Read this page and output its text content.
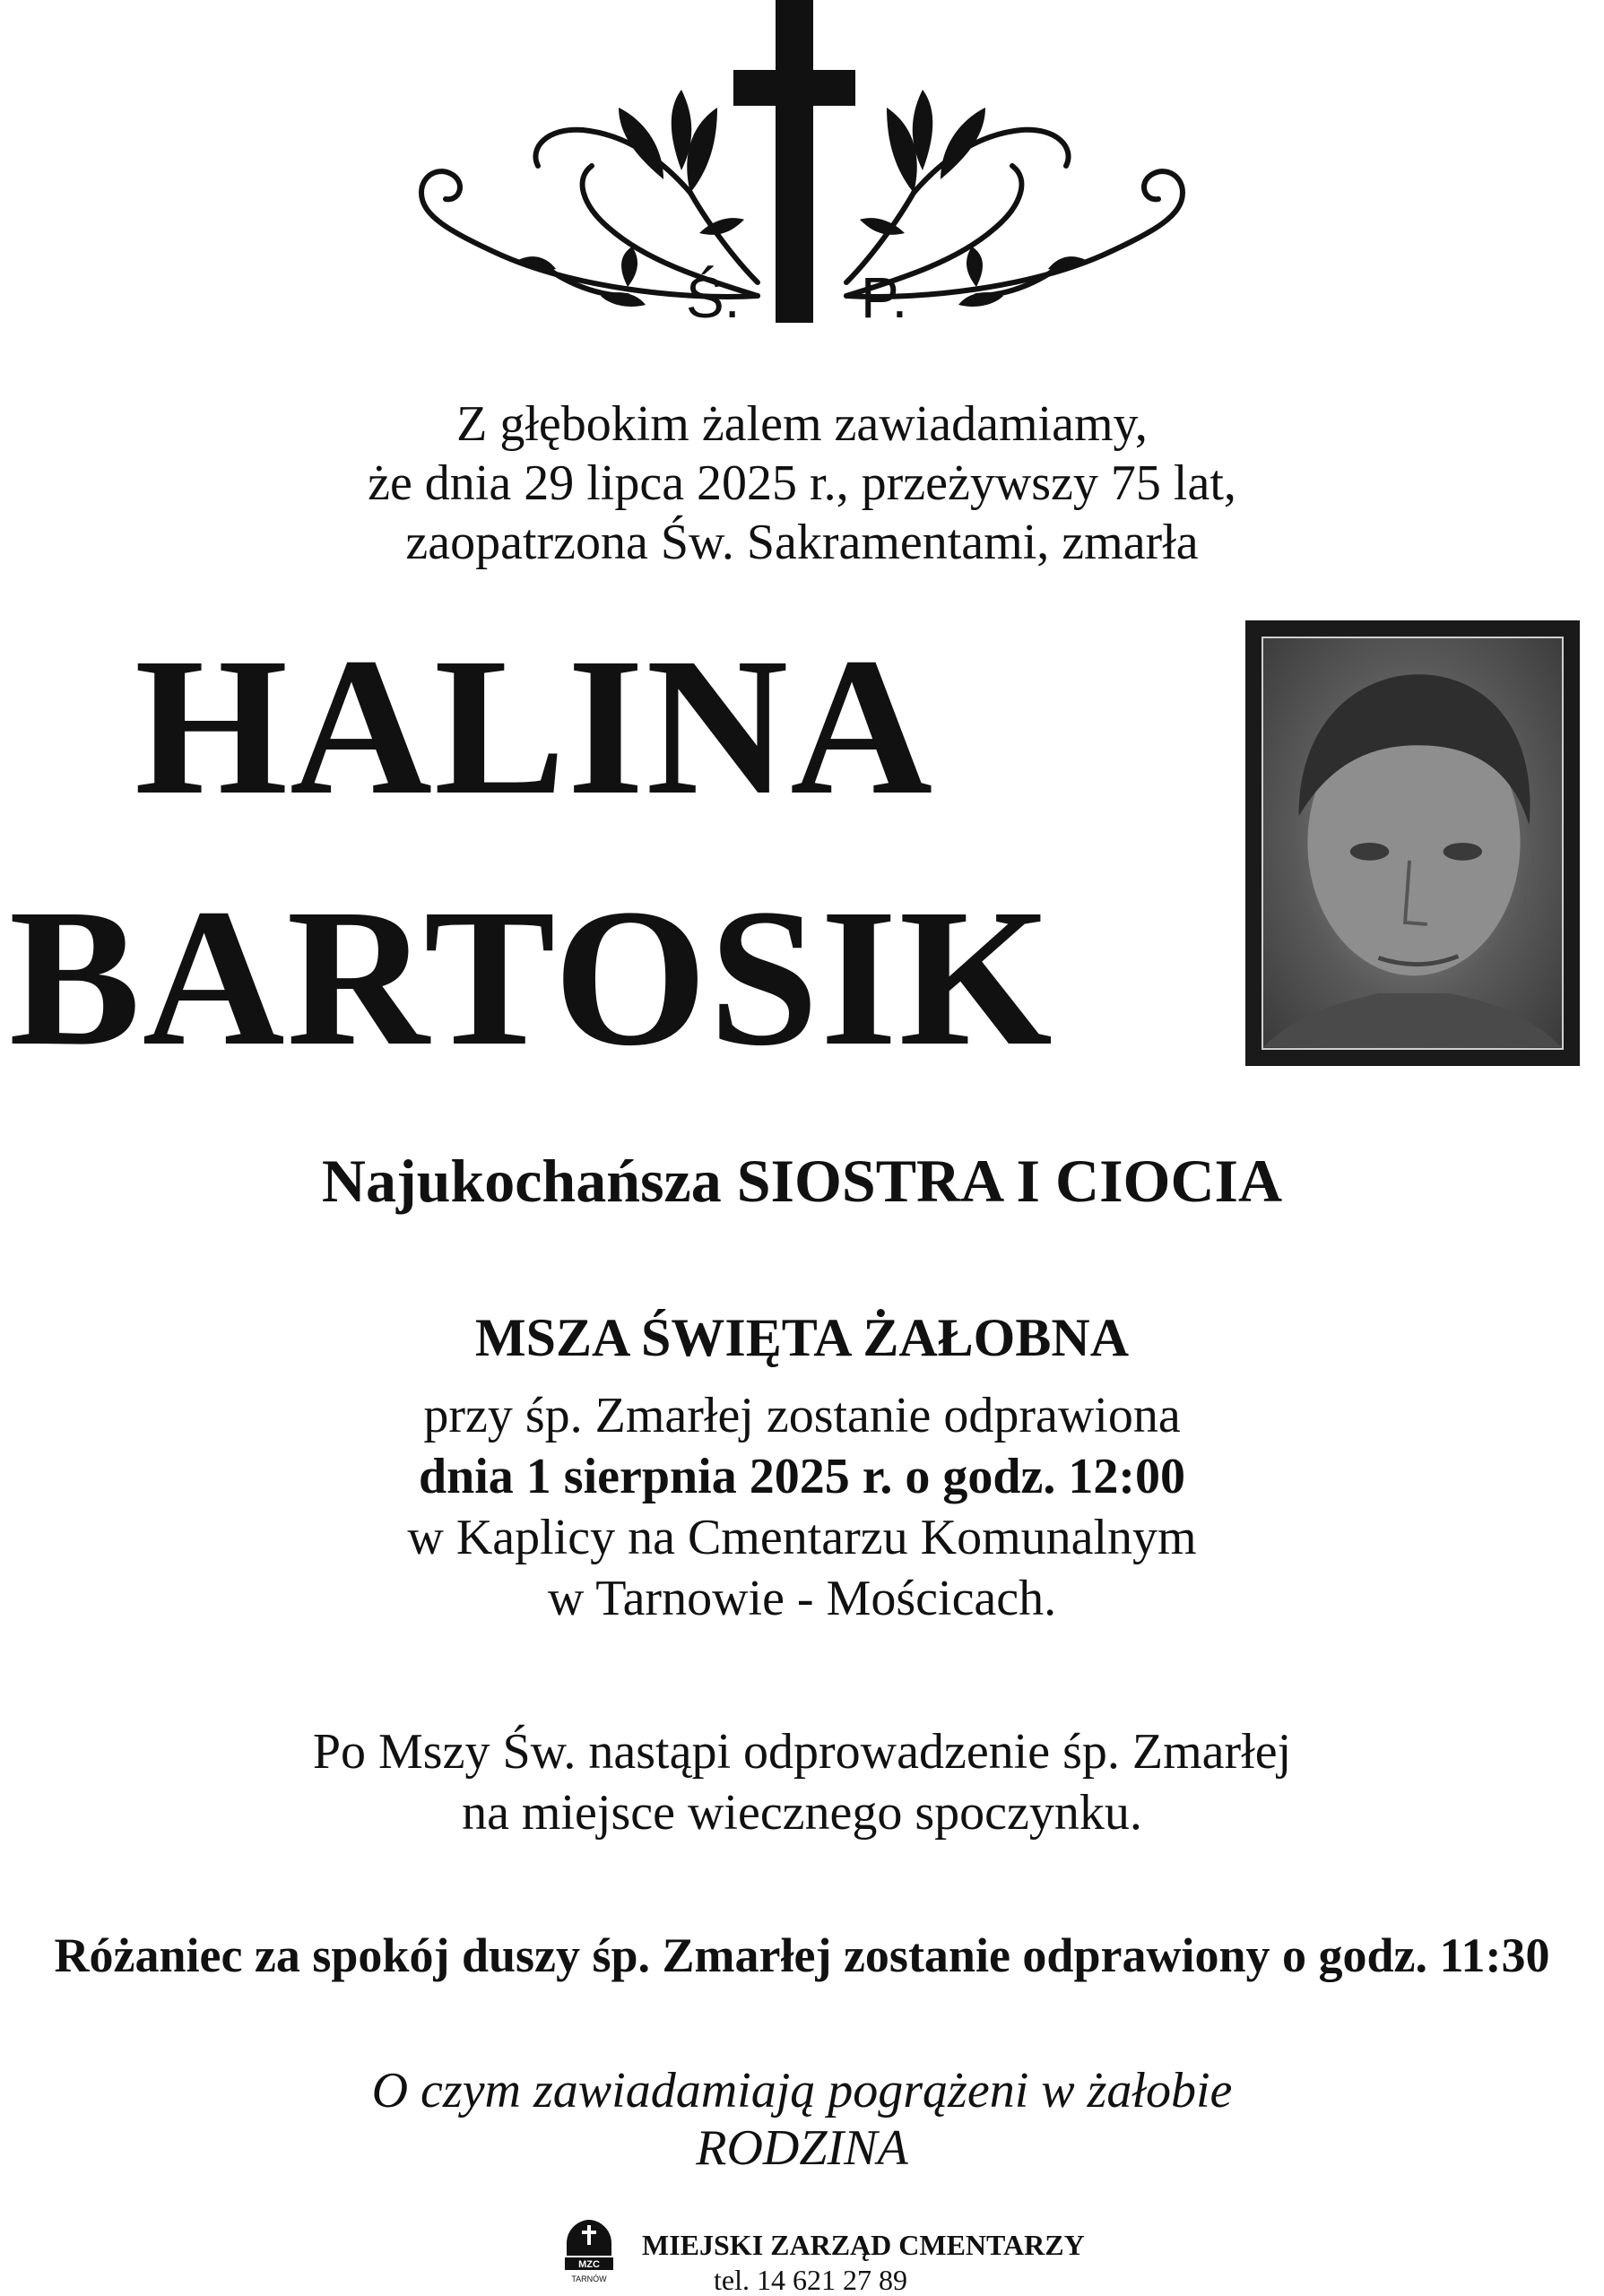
Ś. P.
Z głębokim żalem zawiadamiamy,
że dnia 29 lipca 2025 r., przeżywszy 75 lat,
zaopatrzona Św. Sakramentami, zmarła
HALINA
BARTOSIK
Najukochańsza SIOSTRA I CIOCIA
MSZA ŚWIĘTA ŻAŁOBNA
przy śp. Zmarłej zostanie odprawiona
dnia 1 sierpnia 2025 r. o godz. 12:00
w Kaplicy na Cmentarzu Komunalnym
w Tarnowie - Mościcach.
Po Mszy Św. nastąpi odprowadzenie śp. Zmarłej
na miejsce wiecznego spoczynku.
Różaniec za spokój duszy śp. Zmarłej zostanie odprawiony o godz. 11:30
O czym zawiadamiają pogrążeni w żałobie
RODZINA
MZC
TARNÓW
MIEJSKI ZARZĄD CMENTARZY
tel. 14 621 27 89
